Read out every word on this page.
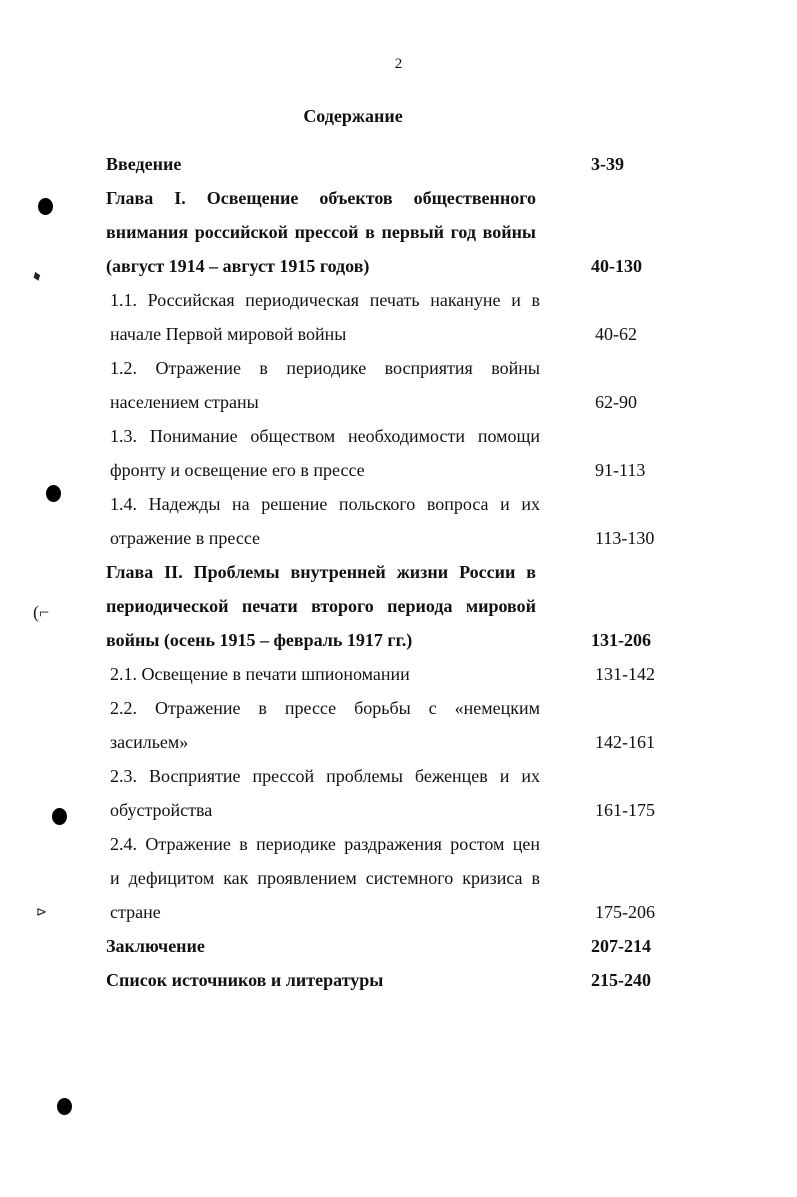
2
Содержание
Введение	3-39
Глава I. Освещение объектов общественного
внимания российской прессой в первый год войны
(август 1914 – август 1915 годов)	40-130
1.1. Российская периодическая печать накануне и в
начале Первой мировой войны	40-62
1.2. Отражение в периодике восприятия войны
населением страны	62-90
1.3. Понимание обществом необходимости помощи
фронту и освещение его в прессе	91-113
1.4. Надежды на решение польского вопроса и их
отражение в прессе	113-130
Глава II. Проблемы внутренней жизни России в
периодической печати второго периода мировой
войны (осень 1915 – февраль 1917 гг.)	131-206
2.1. Освещение в печати шпиономании	131-142
2.2. Отражение в прессе борьбы с «немецким
засильем»	142-161
2.3. Восприятие прессой проблемы беженцев и их
обустройства	161-175
2.4. Отражение в периодике раздражения ростом цен
и дефицитом как проявлением системного кризиса в
стране	175-206
Заключение	207-214
Список источников и литературы	215-240
♦
(⌐
⊳
